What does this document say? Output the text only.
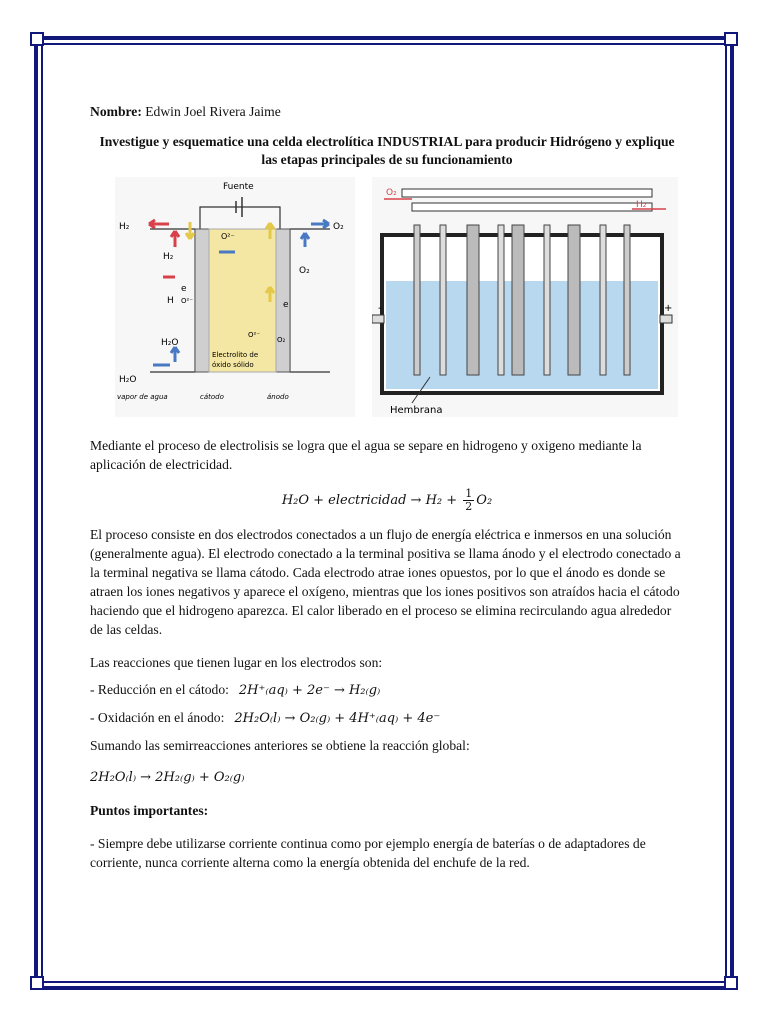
Nombre: Edwin Joel Rivera Jaime

Investigue y esquematice una celda electrolítica INDUSTRIAL para producir Hidrógeno y explique las etapas principales de su funcionamiento

Fuente
H₂	O₂
H₂
O₂
O²⁻
e
e
H O²⁻
H₂O
O²⁻
O₂
Electrolito de
óxido sólido
H₂O
vapor de agua	cátodo	ánodo
O₂
H₂
-	+
Hembrana

Mediante el proceso de electrolisis se logra que el agua se separe en hidrogeno y oxigeno mediante la aplicación de electricidad.

H₂O + electricidad → $H_2 + \frac{1}{2} O_2$

El proceso consiste en dos electrodos conectados a un flujo de energía eléctrica e inmersos en una solución (generalmente agua). El electrodo conectado a la terminal positiva se llama ánodo y el electrodo conectado a la terminal negativa se llama cátodo. Cada electrodo atrae iones opuestos, por lo que el ánodo es donde se atraen los iones negativos y aparece el oxígeno, mientras que los iones positivos son atraídos hacia el cátodo haciendo que el hidrogeno aparezca. El calor liberado en el proceso se elimina recirculando agua alrededor de las celdas.

Las reacciones que tienen lugar en los electrodos son:

- Reducción en el cátodo: 2H⁺₍aq₎ + 2e⁻ → H₂₍g₎

- Oxidación en el ánodo: 2H₂O₍l₎ → O₂₍g₎ + 4H⁺₍aq₎ + 4e⁻

Sumando las semirreacciones anteriores se obtiene la reacción global:

2H₂O₍l₎ → 2H₂₍g₎ + O₂₍g₎

Puntos importantes:

- Siempre debe utilizarse corriente continua como por ejemplo energía de baterías o de adaptadores de corriente, nunca corriente alterna como la energía obtenida del enchufe de la red.
